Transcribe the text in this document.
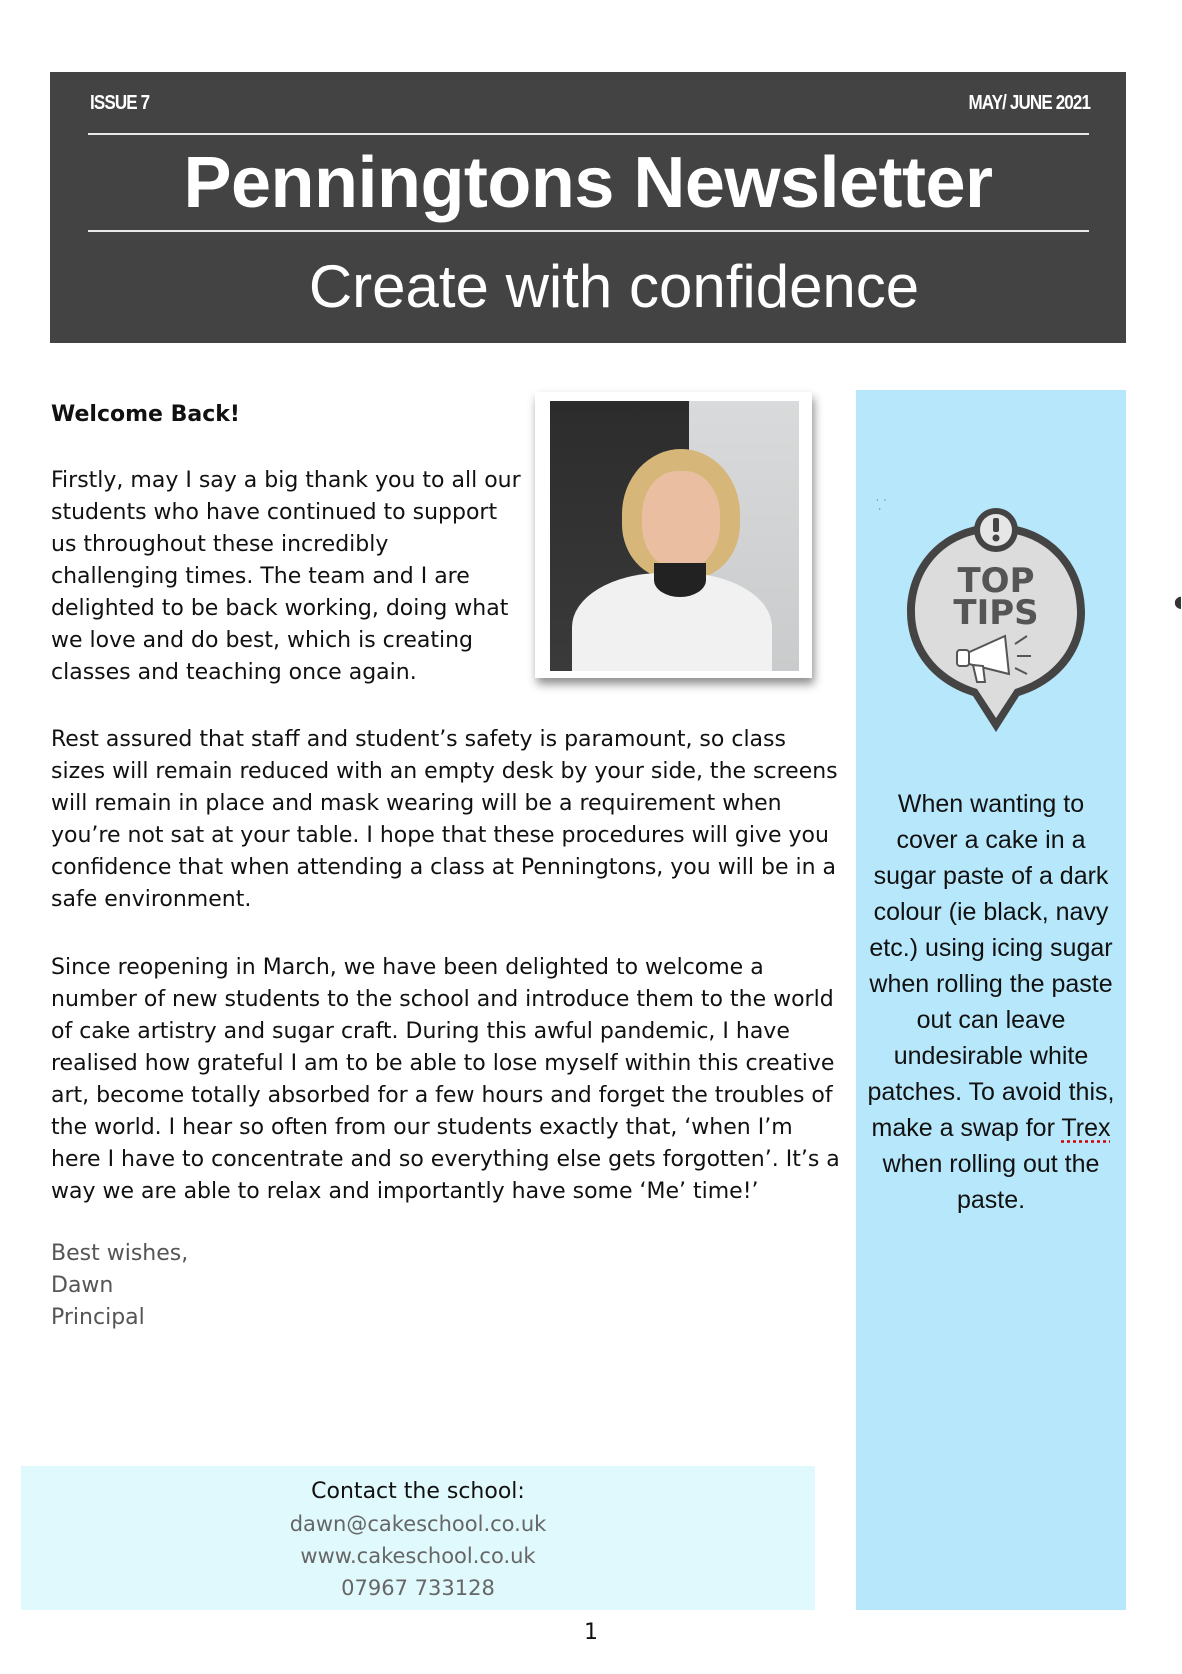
ISSUE 7	MAY/ JUNE 2021
Penningtons Newsletter
Create with confidence
Welcome Back!
Firstly, may I say a big thank you to all our students who have continued to support us throughout these incredibly challenging times. The team and I are delighted to be back working, doing what we love and do best, which is creating classes and teaching once again.
Rest assured that staff and student’s safety is paramount, so class sizes will remain reduced with an empty desk by your side, the screens will remain in place and mask wearing will be a requirement when you’re not sat at your table. I hope that these procedures will give you confidence that when attending a class at Penningtons, you will be in a safe environment.
Since reopening in March, we have been delighted to welcome a number of new students to the school and introduce them to the world of cake artistry and sugar craft. During this awful pandemic, I have realised how grateful I am to be able to lose myself within this creative art, become totally absorbed for a few hours and forget the troubles of the world. I hear so often from our students exactly that, ‘when I’m here I have to concentrate and so everything else gets forgotten’. It’s a way we are able to relax and importantly have some ‘Me’ time!’
Best wishes,
Dawn
Principal
·  ·
·
TOP
TIPS
When wanting to cover a cake in a sugar paste of a dark colour (ie black, navy etc.) using icing sugar when rolling the paste out can leave undesirable white patches. To avoid this, make a swap for Trex when rolling out the paste.
◖
Contact the school:
dawn@cakeschool.co.uk
www.cakeschool.co.uk
07967 733128
1
